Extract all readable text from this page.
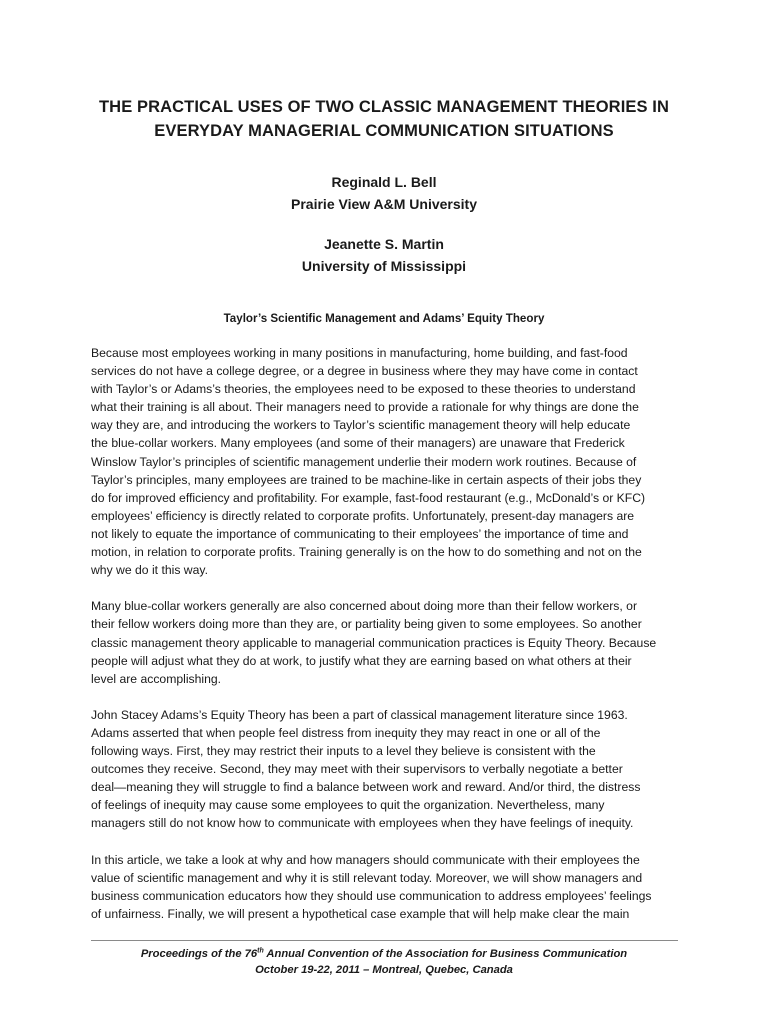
THE PRACTICAL USES OF TWO CLASSIC MANAGEMENT THEORIES IN
EVERYDAY MANAGERIAL COMMUNICATION SITUATIONS
Reginald L. Bell
Prairie View A&M University
Jeanette S. Martin
University of Mississippi
Taylor’s Scientific Management and Adams’ Equity Theory
Because most employees working in many positions in manufacturing, home building, and fast-food
services do not have a college degree, or a degree in business where they may have come in contact
with Taylor’s or Adams’s theories, the employees need to be exposed to these theories to understand
what their training is all about. Their managers need to provide a rationale for why things are done the
way they are, and introducing the workers to Taylor’s scientific management theory will help educate
the blue-collar workers. Many employees (and some of their managers) are unaware that Frederick
Winslow Taylor’s principles of scientific management underlie their modern work routines. Because of
Taylor’s principles, many employees are trained to be machine-like in certain aspects of their jobs they
do for improved efficiency and profitability. For example, fast-food restaurant (e.g., McDonald’s or KFC)
employees’ efficiency is directly related to corporate profits. Unfortunately, present-day managers are
not likely to equate the importance of communicating to their employees’ the importance of time and
motion, in relation to corporate profits. Training generally is on the how to do something and not on the
why we do it this way.
Many blue-collar workers generally are also concerned about doing more than their fellow workers, or
their fellow workers doing more than they are, or partiality being given to some employees. So another
classic management theory applicable to managerial communication practices is Equity Theory. Because
people will adjust what they do at work, to justify what they are earning based on what others at their
level are accomplishing.
John Stacey Adams’s Equity Theory has been a part of classical management literature since 1963.
Adams asserted that when people feel distress from inequity they may react in one or all of the
following ways. First, they may restrict their inputs to a level they believe is consistent with the
outcomes they receive. Second, they may meet with their supervisors to verbally negotiate a better
deal—meaning they will struggle to find a balance between work and reward. And/or third, the distress
of feelings of inequity may cause some employees to quit the organization. Nevertheless, many
managers still do not know how to communicate with employees when they have feelings of inequity.
In this article, we take a look at why and how managers should communicate with their employees the
value of scientific management and why it is still relevant today. Moreover, we will show managers and
business communication educators how they should use communication to address employees’ feelings
of unfairness. Finally, we will present a hypothetical case example that will help make clear the main
Proceedings of the 76th Annual Convention of the Association for Business Communication
October 19-22, 2011 – Montreal, Quebec, Canada
